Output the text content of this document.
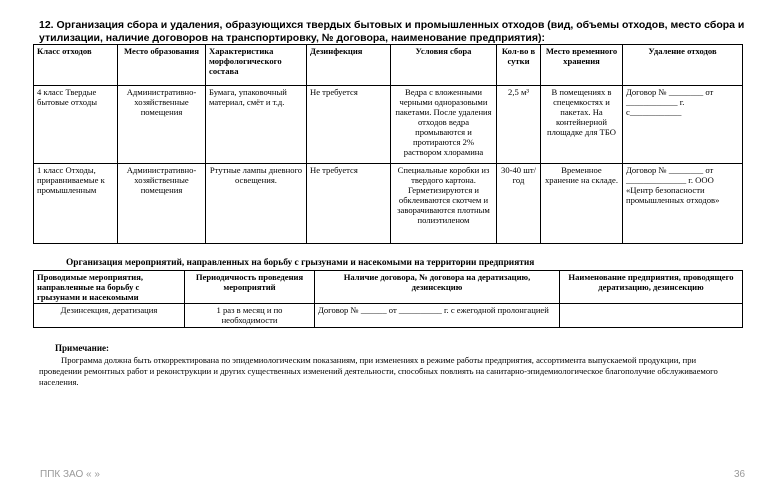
12. Организация сбора и удаления, образующихся твердых бытовых и промышленных отходов (вид, объемы отходов, место сбора и утилизации, наличие договоров на транспортировку, № договора, наименование предприятия):
Класс отходов	Место образования	Характеристика морфологического состава	Дезинфекция	Условия сбора	Кол-во в сутки	Место временного хранения	Удаление отходов
4 класс Твердые бытовые отходы	Административно-хозяйственные помещения	Бумага, упаковочный материал, смёт и т.д.	Не требуется	Ведра с вложенными черными одноразовыми пакетами. После удаления отходов ведра промываются и протираются 2% раствором хлорамина	2,5 м³	В помещениях в спецемкостях и пакетах. На контейнерной площадке для ТБО	Договор № ________ от ____________ г. с____________
1 класс Отходы, приравниваемые к промышленным	Административно-хозяйственные помещения	Ртутные лампы дневного освещения.	Не требуется	Специальные коробки из твердого картона. Герметизируются и обклеиваются скотчем и заворачиваются плотным полиэтиленом	30-40 шт/год	Временное хранение на складе.	Договор № ________ от ______________ г. ООО «Центр безопасности промышленных отходов»
Организация мероприятий, направленных на борьбу с грызунами и насекомыми на территории предприятия
Проводимые мероприятия, направленные на борьбу с грызунами и насекомыми	Периодичность проведения мероприятий	Наличие договора, № договора на дератизацию, дезинсекцию	Наименование предприятия, проводящего дератизацию, дезинсекцию
Дезинсекция, дератизация	1 раз в месяц и по необходимости	Договор № ______ от __________ г. с ежегодной пролонгацией	
Примечание:
Программа должна быть откорректирована по эпидемиологическим показаниям, при изменениях в режиме работы предприятия, ассортимента выпускаемой продукции, при проведении ремонтных работ и реконструкции и других существенных изменений деятельности, способных повлиять на санитарно-эпидемиологическое благополучие обслуживаемого населения.
ППК ЗАО « »	36
